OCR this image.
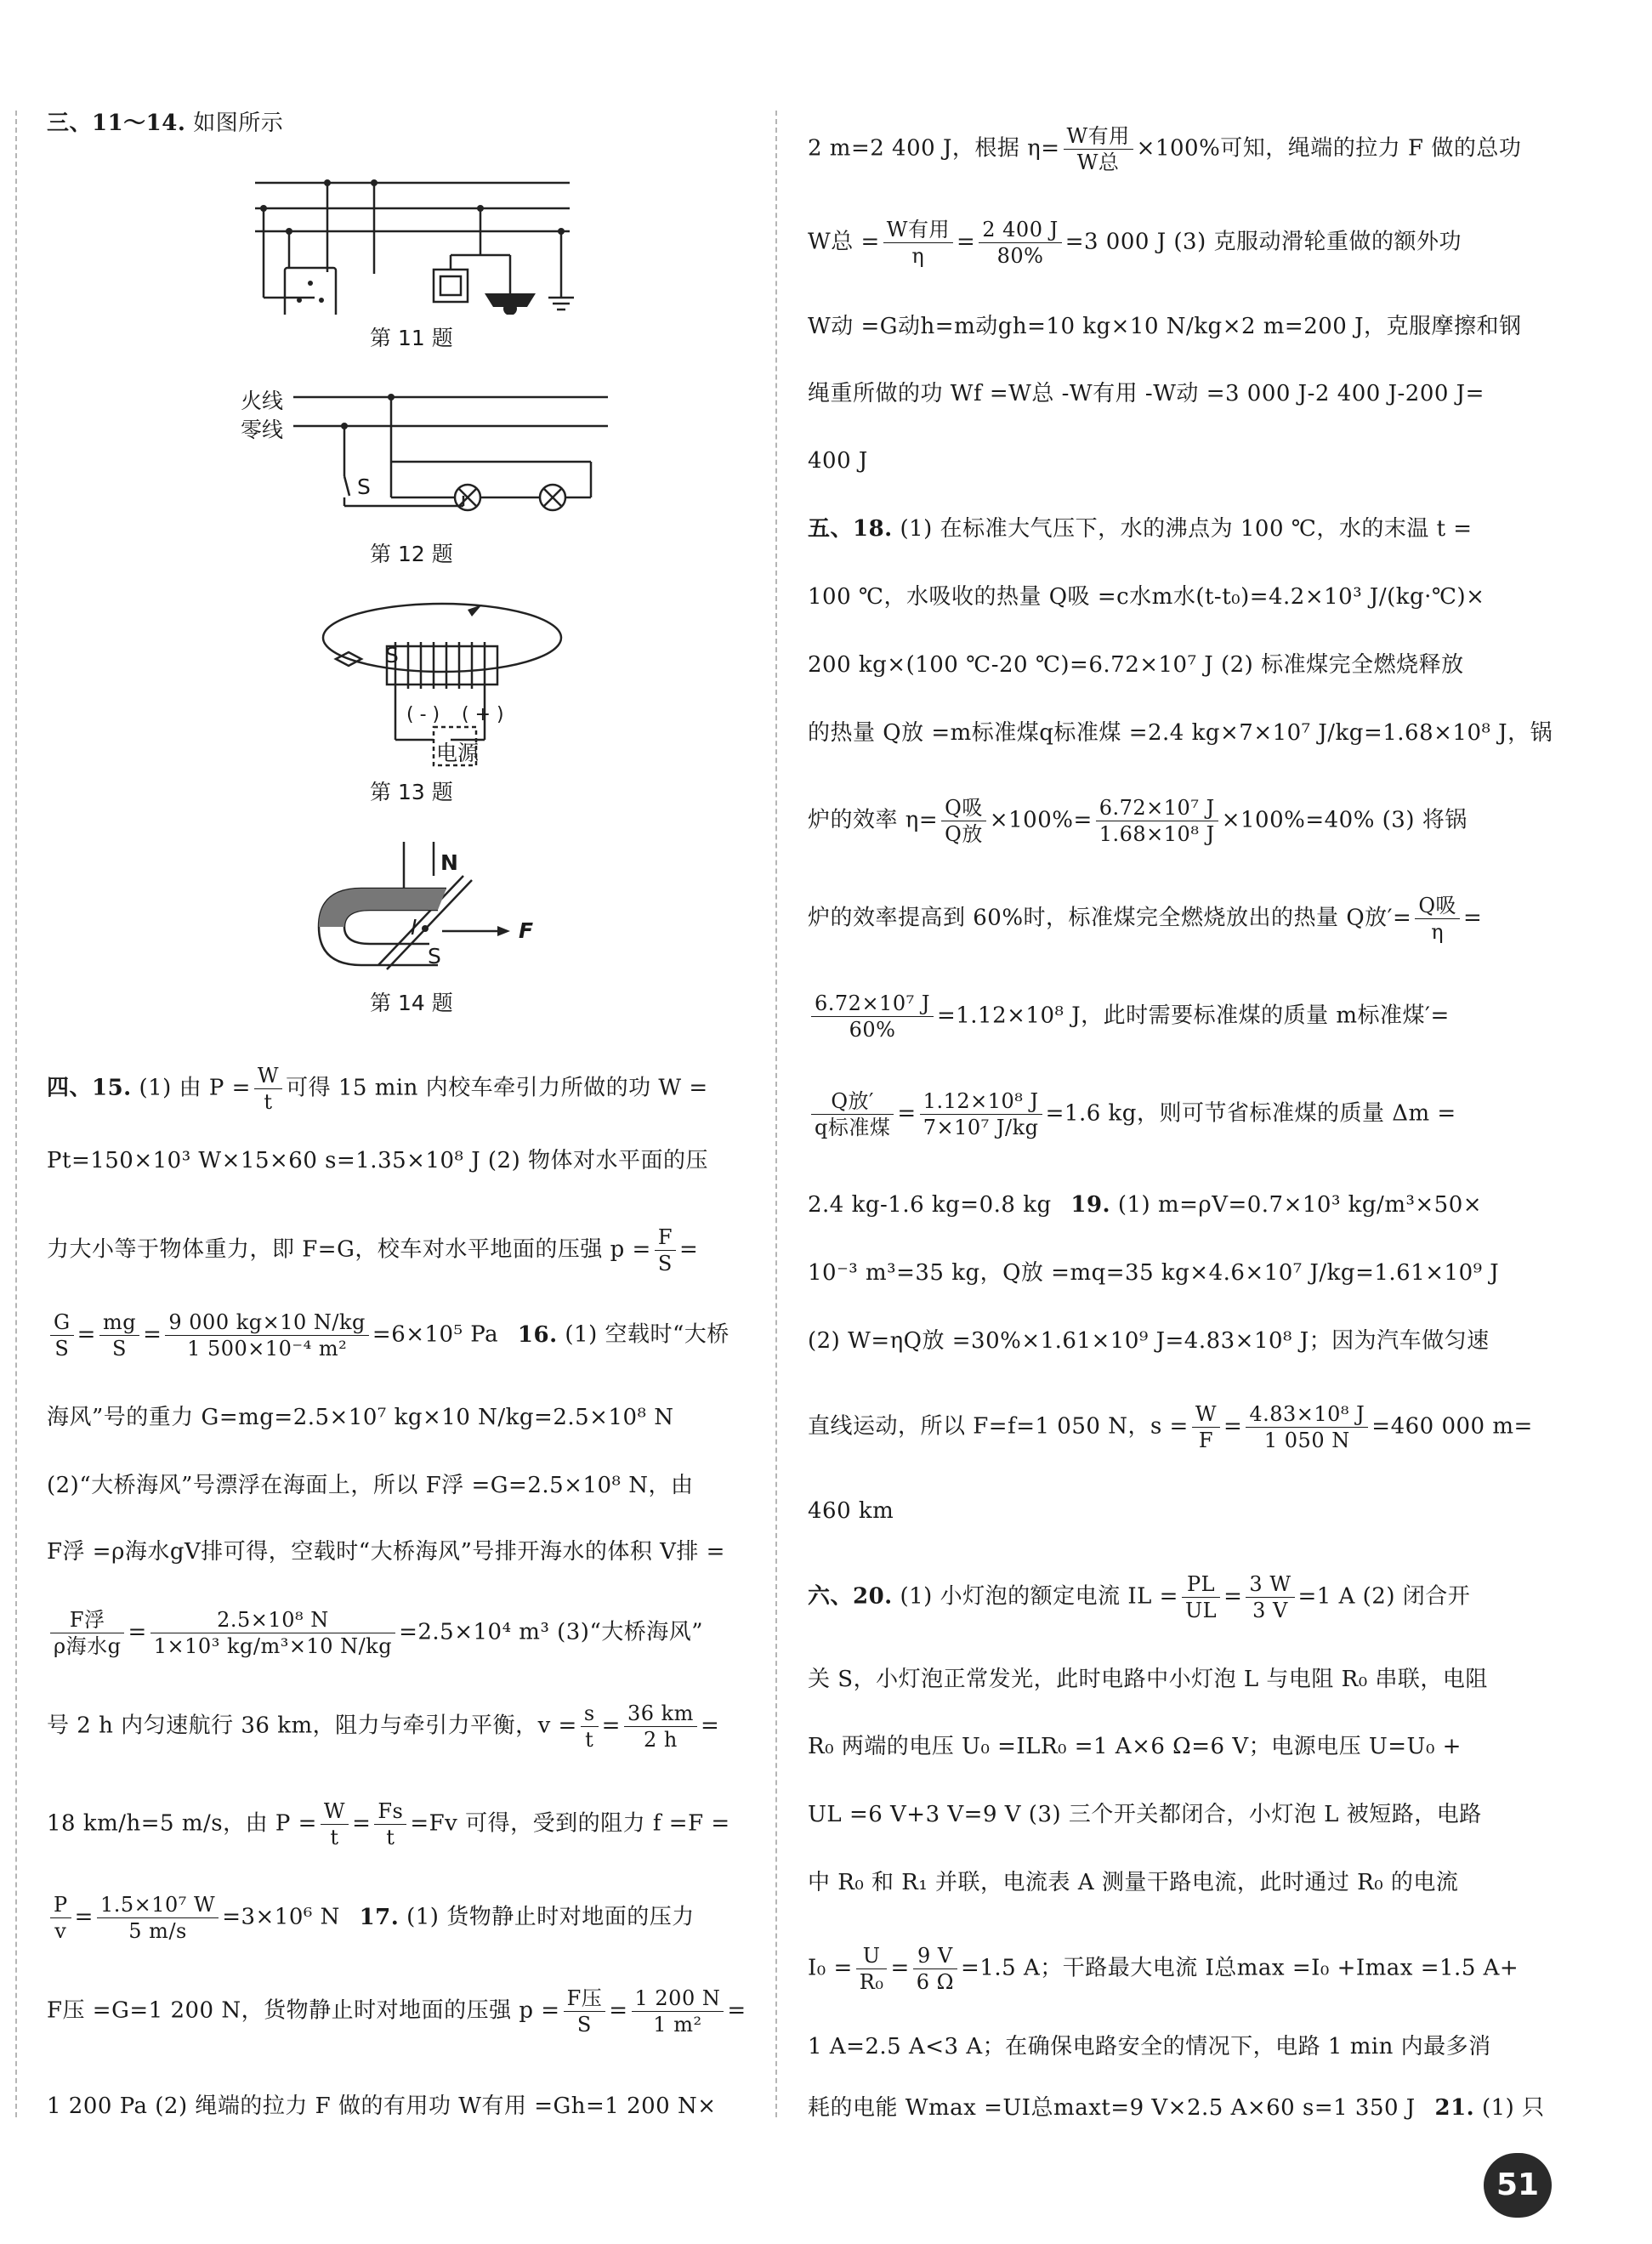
三、11～14. 如图所示
第 11 题
火线
零线
S
第 12 题
S
( - ) ( + )
电源
第 13 题
N
S
I	F
第 14 题
四、15. (1) 由 $P = \frac{W}{t}$ 可得 15 min 内校车牵引力所做的功 W =
Pt=150×10³ W×15×60 s=1.35×10⁸ J (2) 物体对水平面的压
力大小等于物体重力，即 F=G，校车对水平地面的压强 $p = \frac{F}{S}$ =
$\frac{G}{S} = \frac{mg}{S} = \frac{9 000 kg\times 10 N/kg}{\text{1 500×10⁻⁴ m²}} =6\times 10^5$ Pa 16. (1) 空载时“大桥
海风”号的重力 G=mg=2.5×10⁷ kg×10 N/kg=2.5×10⁸ N
(2)“大桥海风”号漂浮在海面上，所以 F浮 =G=2.5×10⁸ N，由
F浮 =ρ海水gV排可得，空载时“大桥海风”号排开海水的体积 V排 =
$\frac{\text{F浮}}{\text{ρ海水g}} = \frac{\text{2.5×10⁸ N}}{\text{1×10³ kg/m³×10 N/kg}} =2.5\times 10^4$ m³ (3)“大桥海风”
号 2 h 内匀速航行 36 km，阻力与牵引力平衡，$v = \frac{s}{t} = \frac{36 km}{2 h}$ =
18 km/h=5 m/s，由 $P = \frac{W}{t} = \frac{Fs}{t} =Fv$ 可得，受到的阻力 f =F =
$\frac{P}{v} = \frac{\text{1.5×10⁷ W}}{5 m/s} =3\times 10^6$ N 17. (1) 货物静止时对地面的压力
F压 =G=1 200 N，货物静止时对地面的压强 $p = \frac{\text{F压}}{S} = \frac{1 200 N}{\text{1 m²}}$ =
1 200 Pa (2) 绳端的拉力 F 做的有用功 W有用 =Gh=1 200 N×
2 m=2 400 J，根据 $\eta= \frac{\text{W有用}}{\text{W总}} \times 100\%$可知，绳端的拉力 F 做的总功
W总 = $\frac{\text{W有用}}{\eta} = \frac{2 400 J}{80\%} =3$ 000 J (3) 克服动滑轮重做的额外功
W动 =G动h=m动gh=10 kg×10 N/kg×2 m=200 J，克服摩擦和钢
绳重所做的功 Wf =W总 -W有用 -W动 =3 000 J-2 400 J-200 J=
400 J
五、18. (1) 在标准大气压下，水的沸点为 100 ℃，水的末温 t =
100 ℃，水吸收的热量 Q吸 =c水m水(t-t₀)=4.2×10³ J/(kg·℃)×
200 kg×(100 ℃-20 ℃)=6.72×10⁷ J (2) 标准煤完全燃烧释放
的热量 Q放 =m标准煤q标准煤 =2.4 kg×7×10⁷ J/kg=1.68×10⁸ J，锅
炉的效率 $\eta= \frac{\text{Q吸}}{\text{Q放}} \times 100\%= \frac{\text{6.72×10⁷ J}}{\text{1.68×10⁸ J}} \times 100\%=40\%$ (3) 将锅
炉的效率提高到 60%时，标准煤完全燃烧放出的热量 Q放′= $\frac{\text{Q吸}}{\eta}$ =
$\frac{\text{6.72×10⁷ J}}{60\%} =1.12\times 10^8$ J，此时需要标准煤的质量 m标准煤′=
$\frac{\text{Q放′}}{\text{q标准煤}} = \frac{\text{1.12×10⁸ J}}{\text{7×10⁷ J/kg}} =1.6$ kg，则可节省标准煤的质量 Δm =
2.4 kg-1.6 kg=0.8 kg 19. (1) m=ρV=0.7×10³ kg/m³×50×
10⁻³ m³=35 kg，Q放 =mq=35 kg×4.6×10⁷ J/kg=1.61×10⁹ J
(2) W=ηQ放 =30%×1.61×10⁹ J=4.83×10⁸ J；因为汽车做匀速
直线运动，所以 F=f=1 050 N，$s = \frac{W}{F} = \frac{\text{4.83×10⁸ J}}{1 050 N} =460$ 000 m=
460 km
六、20. (1) 小灯泡的额定电流 IL = $\frac{PL}{UL} = \frac{3 W}{3 V} =1$ A (2) 闭合开
关 S，小灯泡正常发光，此时电路中小灯泡 L 与电阻 R₀ 串联，电阻
R₀ 两端的电压 U₀ =ILR₀ =1 A×6 Ω=6 V；电源电压 U=U₀ +
UL =6 V+3 V=9 V (3) 三个开关都闭合，小灯泡 L 被短路，电路
中 R₀ 和 R₁ 并联，电流表 A 测量干路电流，此时通过 R₀ 的电流
$I_0 = \frac{U}{\text{R₀}} = \frac{9 V}{6 \Omega} =1.5$ A；干路最大电流 I总max =I₀ +Imax =1.5 A+
1 A=2.5 A<3 A；在确保电路安全的情况下，电路 1 min 内最多消
耗的电能 Wmax =UI总maxt=9 V×2.5 A×60 s=1 350 J 21. (1) 只
51
